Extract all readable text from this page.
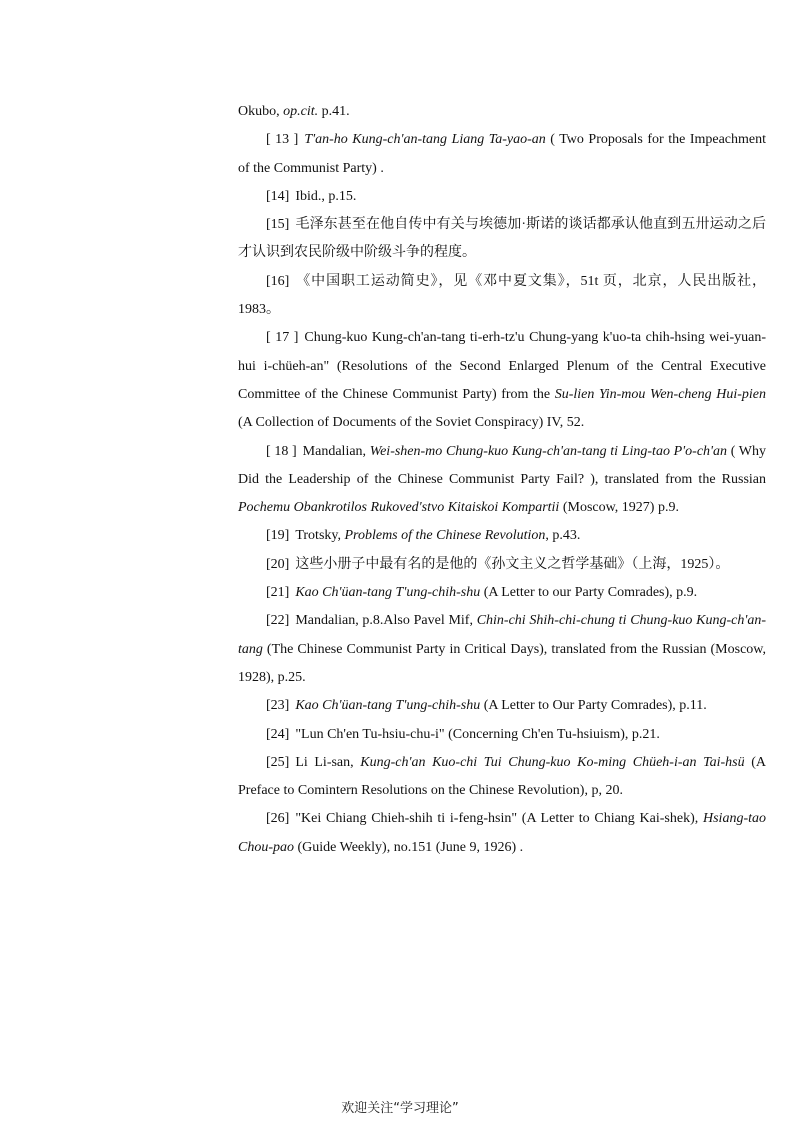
Okubo, op.cit. p.41.

[ 13 ] T'an-ho Kung-ch'an-tang Liang Ta-yao-an ( Two Proposals for the Impeachment of the Communist Party) .

[14] Ibid., p.15.

[15] 毛泽东甚至在他自传中有关与埃德加·斯诺的谈话都承认他直到五卅运动之后才认识到农民阶级中阶级斗争的程度。

[16] 《中国职工运动简史》，见《邓中夏文集》，51t 页，北京，人民出版社，1983。

[ 17 ] Chung-kuo Kung-ch'an-tang ti-erh-tz'u Chung-yang k'uo-ta chih-hsing wei-yuan-hui i-chüeh-an" (Resolutions of the Second Enlarged Plenum of the Central Executive Committee of the Chinese Communist Party) from the Su-lien Yin-mou Wen-cheng Hui-pien (A Collection of Documents of the Soviet Conspiracy) IV, 52.

[ 18 ] Mandalian, Wei-shen-mo Chung-kuo Kung-ch'an-tang ti Ling-tao P'o-ch'an ( Why Did the Leadership of the Chinese Communist Party Fail? ), translated from the Russian Pochemu Obankrotilos Rukoved'stvo Kitaiskoi Kompartii (Moscow, 1927) p.9.

[19] Trotsky, Problems of the Chinese Revolution, p.43.

[20] 这些小册子中最有名的是他的《孙文主义之哲学基础》（上海，1925）。

[21] Kao Ch'üan-tang T'ung-chih-shu (A Letter to our Party Comrades), p.9.

[22] Mandalian, p.8.Also Pavel Mif, Chin-chi Shih-chi-chung ti Chung-kuo Kung-ch'an-tang (The Chinese Communist Party in Critical Days), translated from the Russian (Moscow, 1928), p.25.

[23] Kao Ch'üan-tang T'ung-chih-shu (A Letter to Our Party Comrades), p.11.

[24] "Lun Ch'en Tu-hsiu-chu-i" (Concerning Ch'en Tu-hsiuism), p.21.

[25] Li Li-san, Kung-ch'an Kuo-chi Tui Chung-kuo Ko-ming Chüeh-i-an Tai-hsü (A Preface to Comintern Resolutions on the Chinese Revolution), p, 20.

[26] "Kei Chiang Chieh-shih ti i-feng-hsin" (A Letter to Chiang Kai-shek), Hsiang-tao Chou-pao (Guide Weekly), no.151 (June 9, 1926) .

欢迎关注“学习理论”
